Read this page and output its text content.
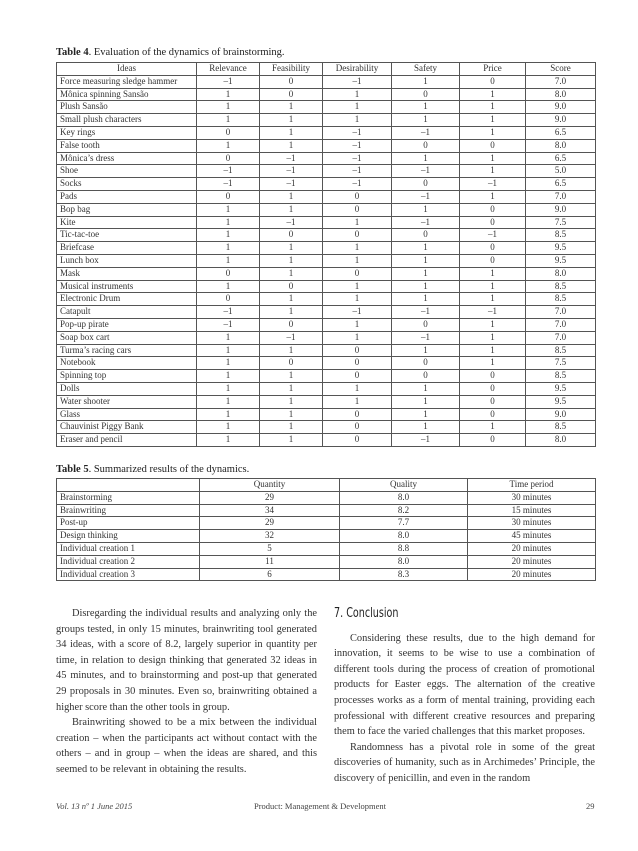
Table 4. Evaluation of the dynamics of brainstorming.
Ideas	Relevance	Feasibility	Desirability	Safety	Price	Score
Force measuring sledge hammer	–1	0	–1	1	0	7.0
Mônica spinning Sansão	1	0	1	0	1	8.0
Plush Sansão	1	1	1	1	1	9.0
Small plush characters	1	1	1	1	1	9.0
Key rings	0	1	–1	–1	1	6.5
False tooth	1	1	–1	0	0	8.0
Mônica’s dress	0	–1	–1	1	1	6.5
Shoe	–1	–1	–1	–1	1	5.0
Socks	–1	–1	–1	0	–1	6.5
Pads	0	1	0	–1	1	7.0
Bop bag	1	1	0	1	0	9.0
Kite	1	–1	1	–1	0	7.5
Tic-tac-toe	1	0	0	0	–1	8.5
Briefcase	1	1	1	1	0	9.5
Lunch box	1	1	1	1	0	9.5
Mask	0	1	0	1	1	8.0
Musical instruments	1	0	1	1	1	8.5
Electronic Drum	0	1	1	1	1	8.5
Catapult	–1	1	–1	–1	–1	7.0
Pop-up pirate	–1	0	1	0	1	7.0
Soap box cart	1	–1	1	–1	1	7.0
Turma’s racing cars	1	1	0	1	1	8.5
Notebook	1	0	0	0	1	7.5
Spinning top	1	1	0	0	0	8.5
Dolls	1	1	1	1	0	9.5
Water shooter	1	1	1	1	0	9.5
Glass	1	1	0	1	0	9.0
Chauvinist Piggy Bank	1	1	0	1	1	8.5
Eraser and pencil	1	1	0	–1	0	8.0
Table 5. Summarized results of the dynamics.
	Quantity	Quality	Time period
Brainstorming	29	8.0	30 minutes
Brainwriting	34	8.2	15 minutes
Post-up	29	7.7	30 minutes
Design thinking	32	8.0	45 minutes
Individual creation 1	5	8.8	20 minutes
Individual creation 2	11	8.0	20 minutes
Individual creation 3	6	8.3	20 minutes

Disregarding the individual results and analyzing only the groups tested, in only 15 minutes, brainwriting tool generated 34 ideas, with a score of 8.2, largely superior in quantity per time, in relation to design thinking that generated 32 ideas in 45 minutes, and to brainstorming and post-up that generated 29 proposals in 30 minutes. Even so, brainwriting obtained a higher score than the other tools in group.

Brainwriting showed to be a mix between the individual creation – when the participants act without contact with the others – and in group – when the ideas are shared, and this seemed to be relevant in obtaining the results.

7. Conclusion

Considering these results, due to the high demand for innovation, it seems to be wise to use a combination of different tools during the process of creation of promotional products for Easter eggs. The alternation of the creative processes works as a form of mental training, providing each professional with different creative resources and preparing them to face the varied challenges that this market proposes.

Randomness has a pivotal role in some of the great discoveries of humanity, such as in Archimedes’ Principle, the discovery of penicillin, and even in the random

Vol. 13 nº 1 June 2015	Product: Management & Development	29
